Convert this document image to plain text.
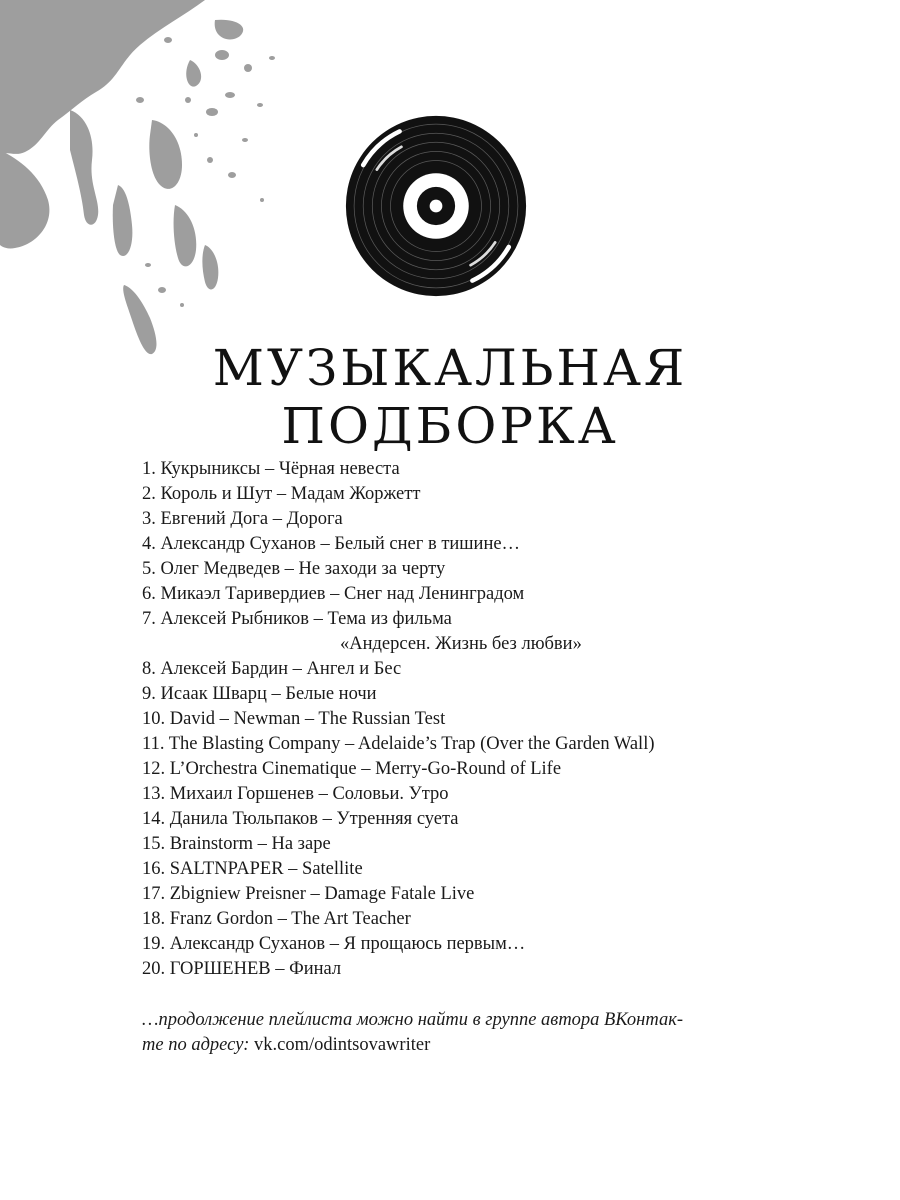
МУЗЫКАЛЬНАЯ
ПОДБОРКА
1. Кукрыниксы – Чёрная невеста
2. Король и Шут – Мадам Жоржетт
3. Евгений Дога – Дорога
4. Александр Суханов – Белый снег в тишине…
5. Олег Медведев – Не заходи за черту
6. Микаэл Таривердиев – Снег над Ленинградом
7. Алексей Рыбников – Тема из фильма
«Андерсен. Жизнь без любви»
8. Алексей Бардин – Ангел и Бес
9. Исаак Шварц – Белые ночи
10. David – Newman – The Russian Test
11. The Blasting Company – Adelaide’s Trap (Over the Garden Wall)
12. L’Orchestra Cinematique – Merry-Go-Round of Life
13. Михаил Горшенев – Соловьи. Утро
14. Данила Тюльпаков – Утренняя суета
15. Brainstorm – На заре
16. SALTNPAPER – Satellite
17. Zbigniew Preisner – Damage Fatale Live
18. Franz Gordon – The Art Teacher
19. Александр Суханов – Я прощаюсь первым…
20. ГОРШЕНЕВ – Финал
…продолжение плейлиста можно найти в группе автора ВКонтак-
те по адресу: vk.com/odintsovawriter
